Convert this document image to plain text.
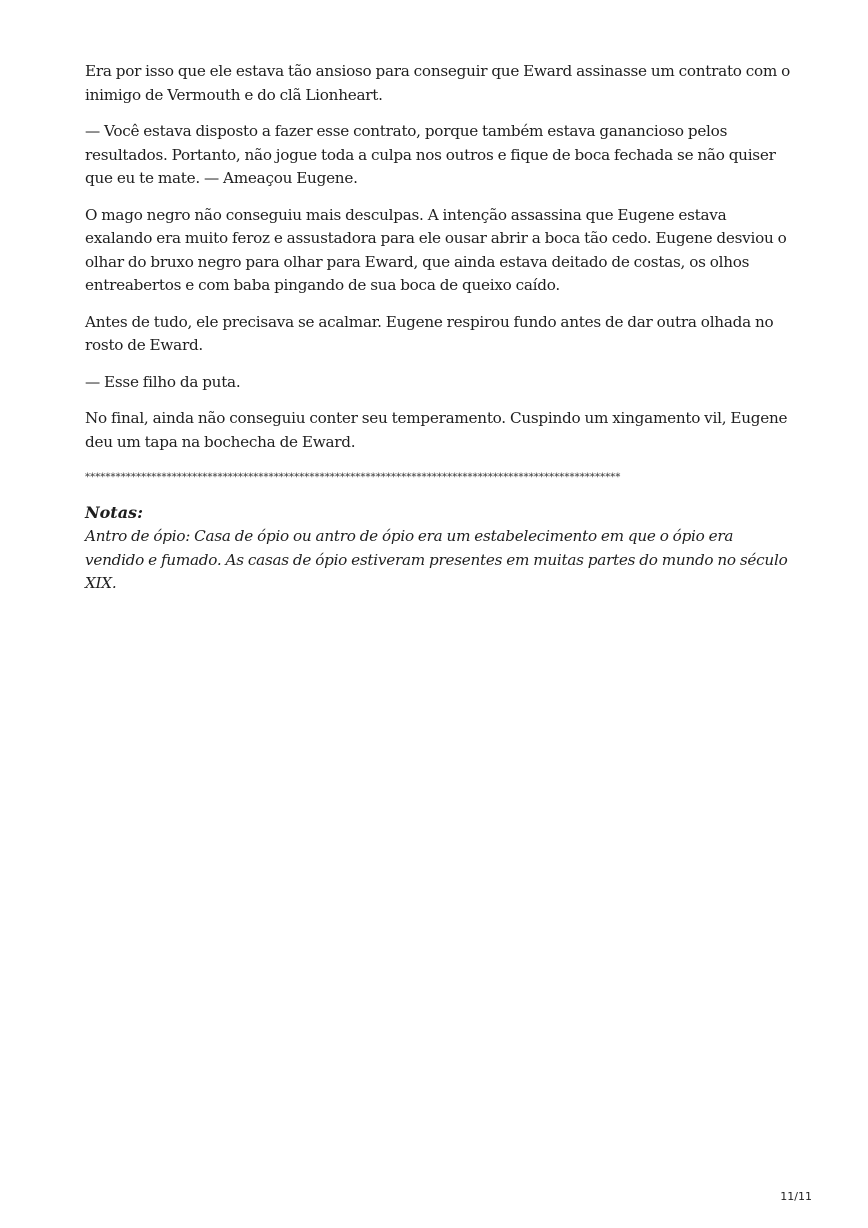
Era por isso que ele estava tão ansioso para conseguir que Eward assinasse um contrato com o inimigo de Vermouth e do clã Lionheart.

— Você estava disposto a fazer esse contrato, porque também estava ganancioso pelos resultados. Portanto, não jogue toda a culpa nos outros e fique de boca fechada se não quiser que eu te mate. — Ameaçou Eugene.

O mago negro não conseguiu mais desculpas. A intenção assassina que Eugene estava exalando era muito feroz e assustadora para ele ousar abrir a boca tão cedo. Eugene desviou o olhar do bruxo negro para olhar para Eward, que ainda estava deitado de costas, os olhos entreabertos e com baba pingando de sua boca de queixo caído.

Antes de tudo, ele precisava se acalmar. Eugene respirou fundo antes de dar outra olhada no rosto de Eward.

— Esse filho da puta.

No final, ainda não conseguiu conter seu temperamento. Cuspindo um xingamento vil, Eugene deu um tapa na bochecha de Eward.

*********************************************************************************************************
Notas:

Antro de ópio: Casa de ópio ou antro de ópio era um estabelecimento em que o ópio era vendido e fumado. As casas de ópio estiveram presentes em muitas partes do mundo no século XIX.

11/11
